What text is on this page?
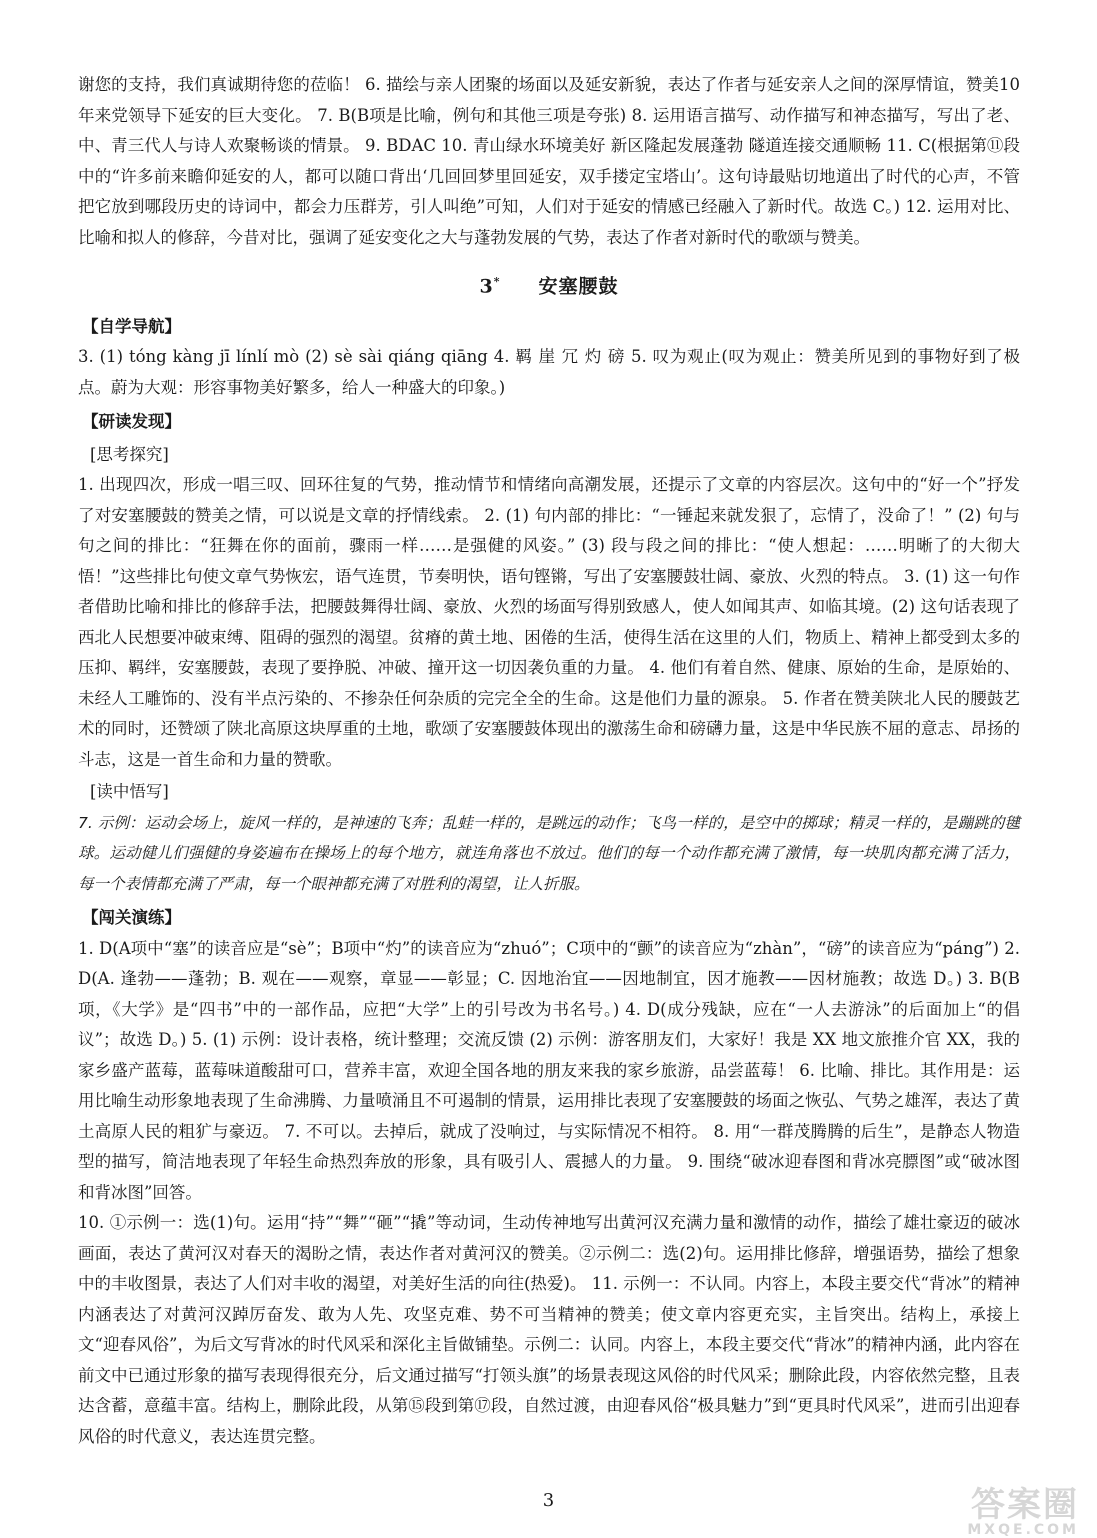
谢您的支持，我们真诚期待您的莅临！ 6. 描绘与亲人团聚的场面以及延安新貌，表达了作者与延安亲人之间的深厚情谊，赞美10年来党领导下延安的巨大变化。 7. B(B项是比喻，例句和其他三项是夸张) 8. 运用语言描写、动作描写和神态描写，写出了老、中、青三代人与诗人欢聚畅谈的情景。 9. BDAC 10. 青山绿水环境美好 新区隆起发展蓬勃 隧道连接交通顺畅 11. C(根据第⑪段中的“许多前来瞻仰延安的人，都可以随口背出‘几回回梦里回延安，双手搂定宝塔山’。这句诗最贴切地道出了时代的心声，不管把它放到哪段历史的诗词中，都会力压群芳，引人叫绝”可知，人们对于延安的情感已经融入了新时代。故选 C。) 12. 运用对比、比喻和拟人的修辞，今昔对比，强调了延安变化之大与蓬勃发展的气势，表达了作者对新时代的歌颂与赞美。

3* 安塞腰鼓
【自学导航】

3. (1) tóng kàng jī línlí mò (2) sè sài qiáng qiāng 4. 羁 崖 冗 灼 磅 5. 叹为观止(叹为观止：赞美所见到的事物好到了极点。蔚为大观：形容事物美好繁多，给人一种盛大的印象。)

【研读发现】
[思考探究]

1. 出现四次，形成一唱三叹、回环往复的气势，推动情节和情绪向高潮发展，还提示了文章的内容层次。这句中的“好一个”抒发了对安塞腰鼓的赞美之情，可以说是文章的抒情线索。 2. (1) 句内部的排比：“一锤起来就发狠了，忘情了，没命了！” (2) 句与句之间的排比：“狂舞在你的面前，骤雨一样……是强健的风姿。” (3) 段与段之间的排比：“使人想起：……明晰了的大彻大悟！”这些排比句使文章气势恢宏，语气连贯，节奏明快，语句铿锵，写出了安塞腰鼓壮阔、豪放、火烈的特点。 3. (1) 这一句作者借助比喻和排比的修辞手法，把腰鼓舞得壮阔、豪放、火烈的场面写得别致感人，使人如闻其声、如临其境。(2) 这句话表现了西北人民想要冲破束缚、阻碍的强烈的渴望。贫瘠的黄土地、困倦的生活，使得生活在这里的人们，物质上、精神上都受到太多的压抑、羁绊，安塞腰鼓，表现了要挣脱、冲破、撞开这一切因袭负重的力量。 4. 他们有着自然、健康、原始的生命，是原始的、未经人工雕饰的、没有半点污染的、不掺杂任何杂质的完完全全的生命。这是他们力量的源泉。 5. 作者在赞美陕北人民的腰鼓艺术的同时，还赞颂了陕北高原这块厚重的土地，歌颂了安塞腰鼓体现出的激荡生命和磅礴力量，这是中华民族不屈的意志、昂扬的斗志，这是一首生命和力量的赞歌。

[读中悟写]

7. 示例：运动会场上，旋风一样的，是神速的飞奔；乱蛙一样的，是跳远的动作；飞鸟一样的，是空中的掷球；精灵一样的，是蹦跳的毽球。运动健儿们强健的身姿遍布在操场上的每个地方，就连角落也不放过。他们的每一个动作都充满了激情，每一块肌肉都充满了活力，每一个表情都充满了严肃，每一个眼神都充满了对胜利的渴望，让人折服。

【闯关演练】

1. D(A项中“塞”的读音应是“sè”；B项中“灼”的读音应为“zhuó”；C项中的“颤”的读音应为“zhàn”，“磅”的读音应为“páng”) 2. D(A. 逢勃——蓬勃；B. 观在——观察，章显——彰显；C. 因地治宜——因地制宜，因才施教——因材施教；故选 D。) 3. B(B项，《大学》是“四书”中的一部作品，应把“大学”上的引号改为书名号。) 4. D(成分残缺，应在“一人去游泳”的后面加上“的倡议”；故选 D。) 5. (1) 示例：设计表格，统计整理；交流反馈 (2) 示例：游客朋友们，大家好！我是 XX 地文旅推介官 XX，我的家乡盛产蓝莓，蓝莓味道酸甜可口，营养丰富，欢迎全国各地的朋友来我的家乡旅游，品尝蓝莓！ 6. 比喻、排比。其作用是：运用比喻生动形象地表现了生命沸腾、力量喷涌且不可遏制的情景，运用排比表现了安塞腰鼓的场面之恢弘、气势之雄浑，表达了黄土高原人民的粗犷与豪迈。 7. 不可以。去掉后，就成了没响过，与实际情况不相符。 8. 用“一群茂腾腾的后生”，是静态人物造型的描写，简洁地表现了年轻生命热烈奔放的形象，具有吸引人、震撼人的力量。 9. 围绕“破冰迎春图和背冰亮膘图”或“破冰图和背冰图”回答。

10. ①示例一：选(1)句。运用“持”“舞”“砸”“撬”等动词，生动传神地写出黄河汉充满力量和激情的动作，描绘了雄壮豪迈的破冰画面，表达了黄河汉对春天的渴盼之情，表达作者对黄河汉的赞美。②示例二：选(2)句。运用排比修辞，增强语势，描绘了想象中的丰收图景，表达了人们对丰收的渴望，对美好生活的向往(热爱)。 11. 示例一：不认同。内容上，本段主要交代“背冰”的精神内涵表达了对黄河汉踔厉奋发、敢为人先、攻坚克难、势不可当精神的赞美；使文章内容更充实，主旨突出。结构上，承接上文“迎春风俗”，为后文写背冰的时代风采和深化主旨做铺垫。示例二：认同。内容上，本段主要交代“背冰”的精神内涵，此内容在前文中已通过形象的描写表现得很充分，后文通过描写“打领头旗”的场景表现这风俗的时代风采；删除此段，内容依然完整，且表达含蓄，意蕴丰富。结构上，删除此段，从第⑮段到第⑰段，自然过渡，由迎春风俗“极具魅力”到“更具时代风采”，进而引出迎春风俗的时代意义，表达连贯完整。

3	答案圈
MXQE.COM
